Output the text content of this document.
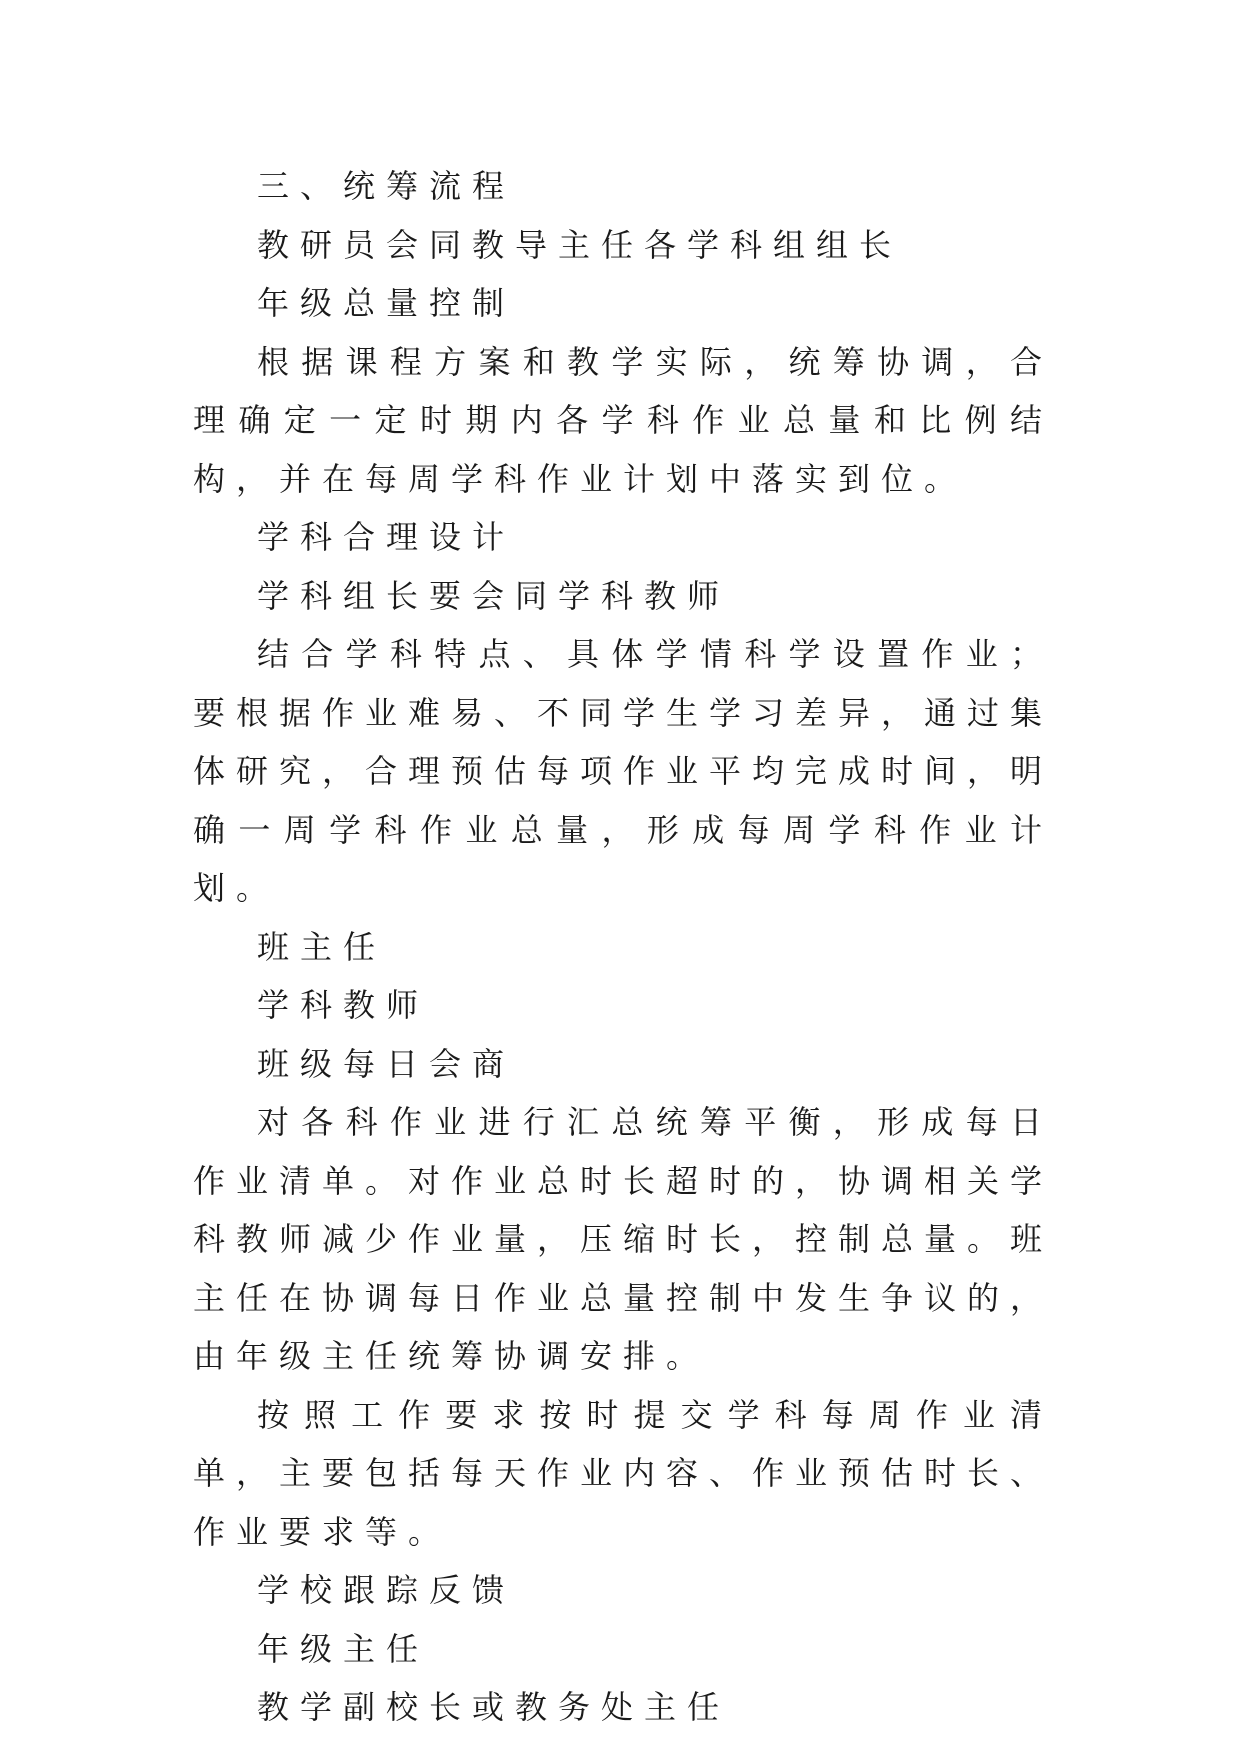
三、统筹流程

教研员会同教导主任各学科组组长

年级总量控制

根据课程方案和教学实际，统筹协调，合理确定一定时期内各学科作业总量和比例结构，并在每周学科作业计划中落实到位。

学科合理设计

学科组长要会同学科教师

结合学科特点、具体学情科学设置作业；要根据作业难易、不同学生学习差异，通过集体研究，合理预估每项作业平均完成时间，明确一周学科作业总量，形成每周学科作业计划。

班主任

学科教师

班级每日会商

对各科作业进行汇总统筹平衡，形成每日作业清单。对作业总时长超时的，协调相关学科教师减少作业量，压缩时长，控制总量。班主任在协调每日作业总量控制中发生争议的，由年级主任统筹协调安排。

按照工作要求按时提交学科每周作业清单，主要包括每天作业内容、作业预估时长、作业要求等。

学校跟踪反馈

年级主任

教学副校长或教务处主任
